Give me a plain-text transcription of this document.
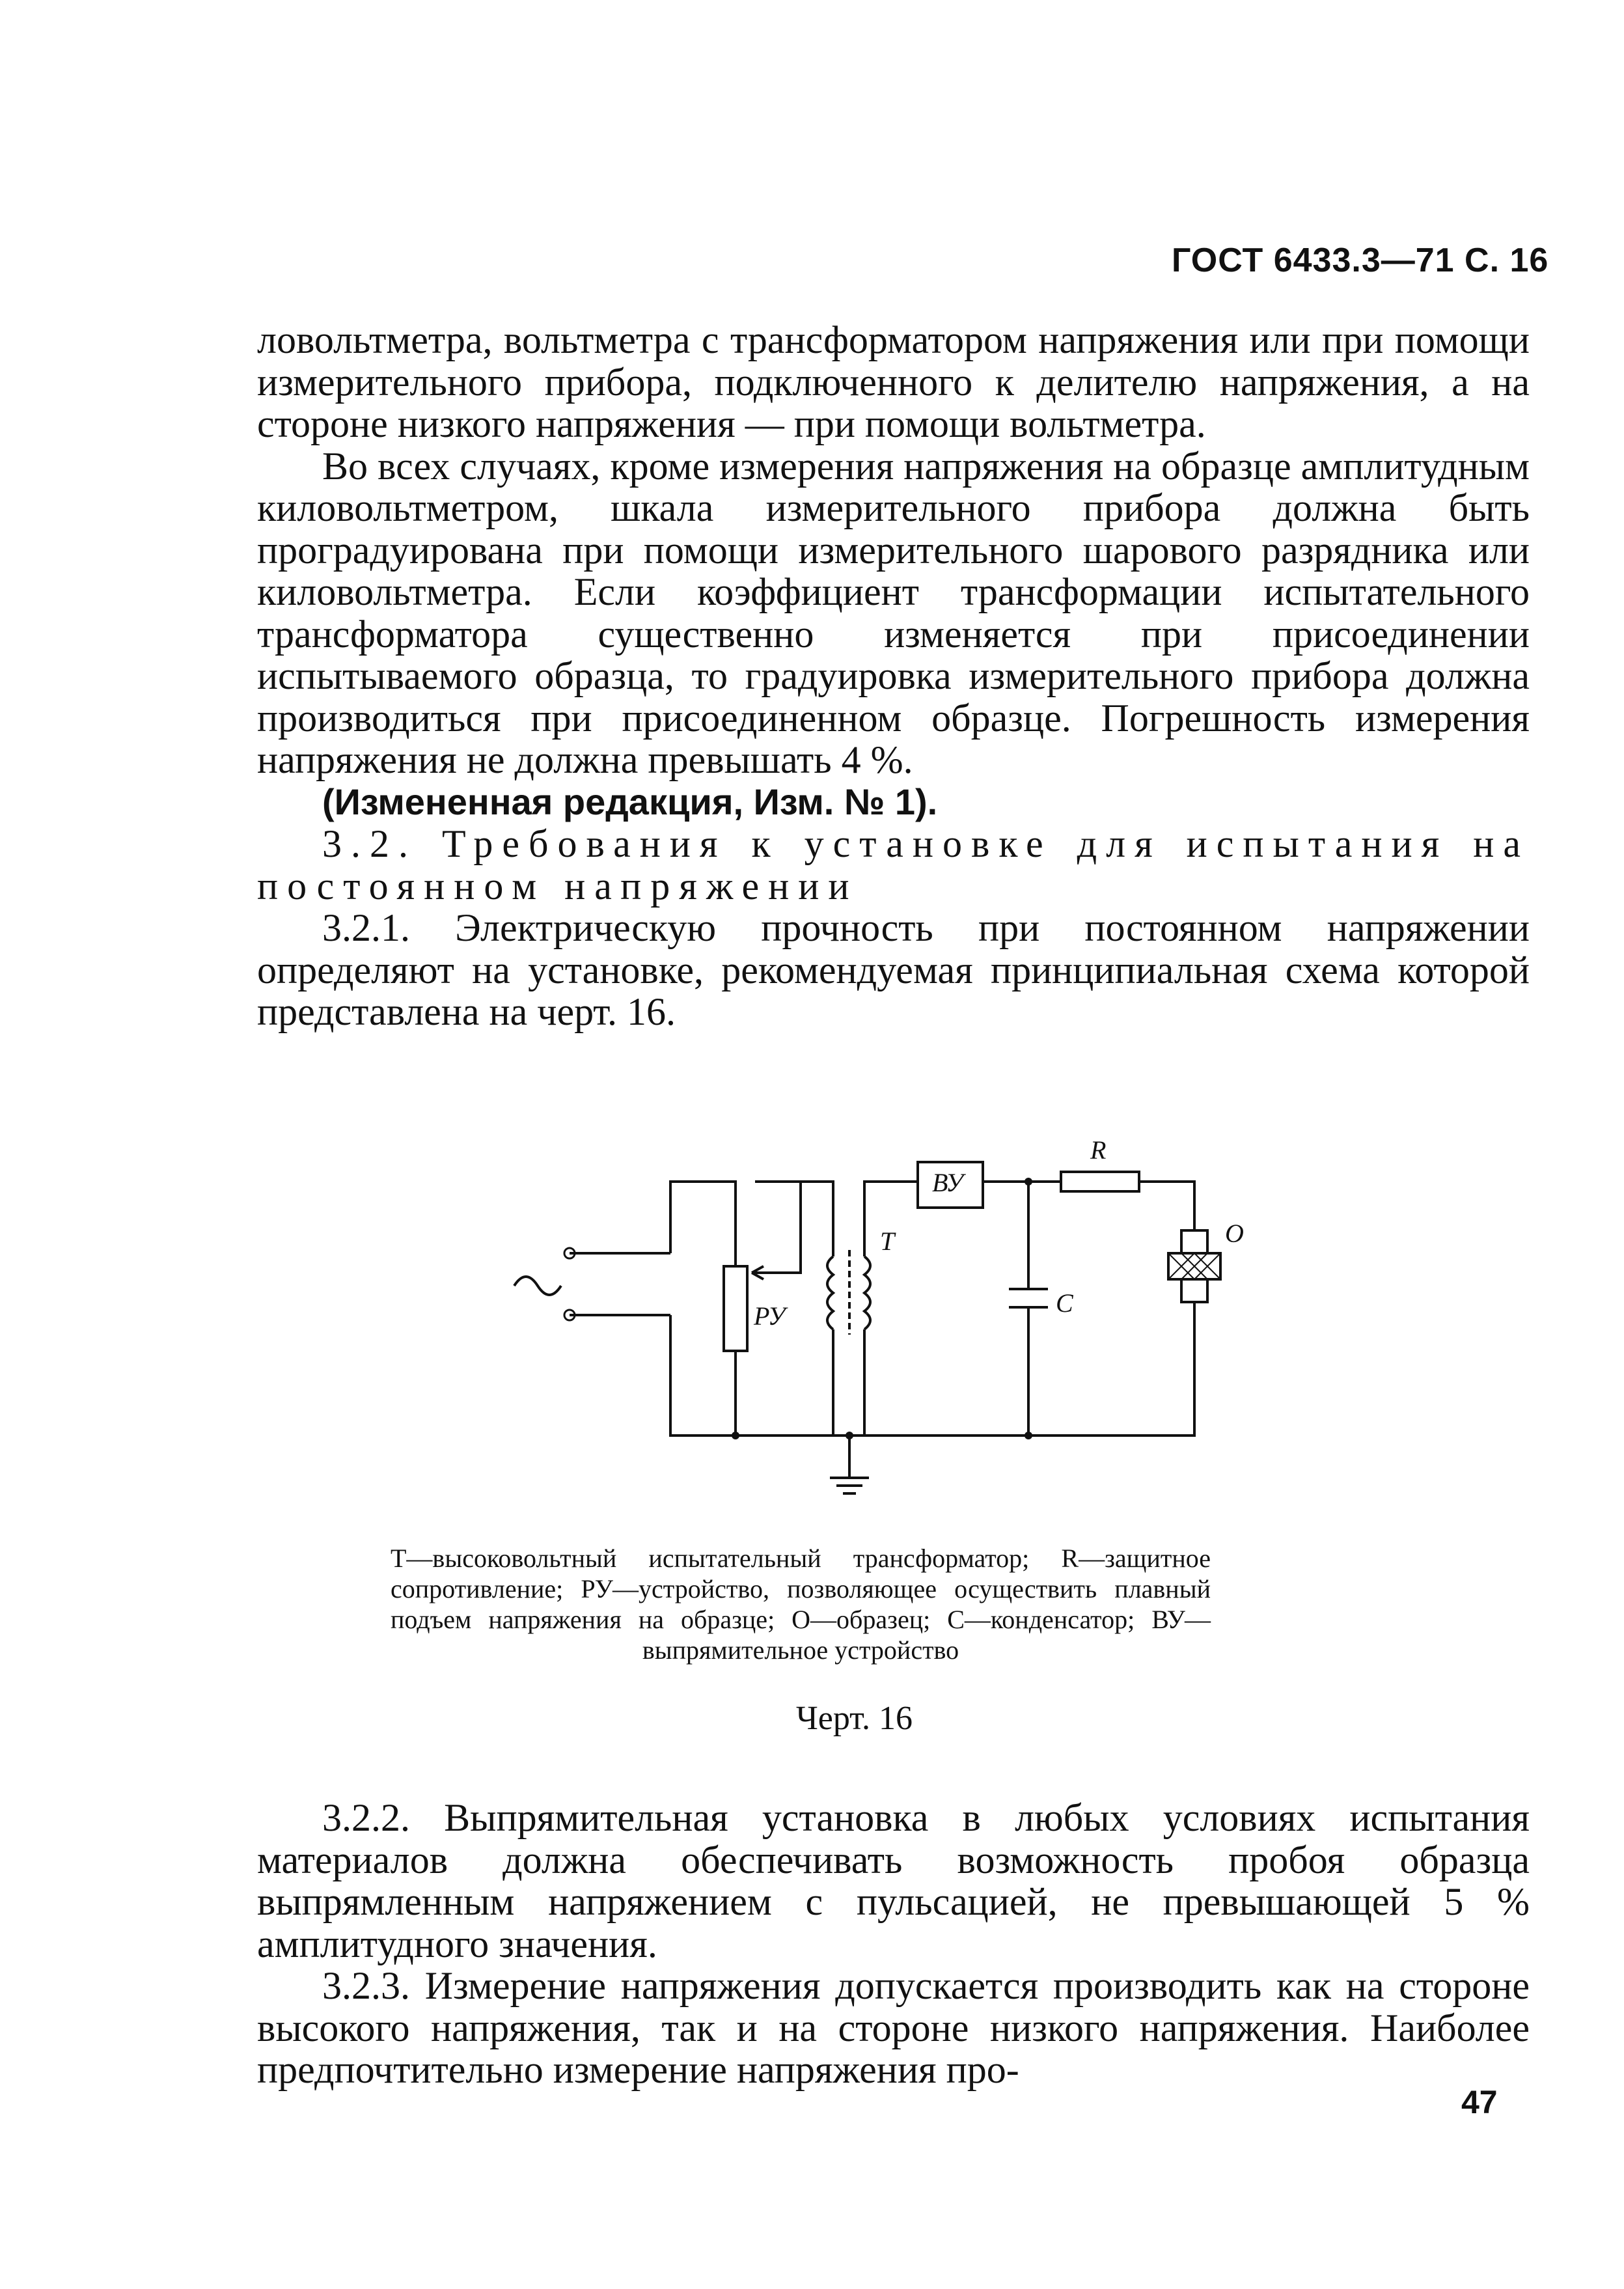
ГОСТ 6433.3—71 С. 16

ловольтметра, вольтметра с трансформатором напряжения или при помощи измерительного прибора, подключенного к делителю напряжения, а на стороне низкого напряжения — при помощи вольтметра.

Во всех случаях, кроме измерения напряжения на образце амплитудным киловольтметром, шкала измерительного прибора должна быть проградуирована при помощи измерительного шарового разрядника или киловольтметра. Если коэффициент трансформации испытательного трансформатора существенно изменяется при присоединении испытываемого образца, то градуировка измерительного прибора должна производиться при присоединенном образце. Погрешность измерения напряжения не должна превышать 4 %.

(Измененная редакция, Изм. № 1).

3.2. Требования к установке для испытания на постоянном напряжении

3.2.1. Электрическую прочность при постоянном напряжении определяют на установке, рекомендуемая принципиальная схема которой представлена на черт. 16.

R
ВУ
Т
С
О
РУ
Т—высоковольтный испытательный трансформатор; R—защитное сопротивление; РУ—устройство, позволяющее осуществить плавный подъем напряжения на образце; О—образец; С—конденсатор; ВУ—выпрямительное устройство
Черт. 16

3.2.2. Выпрямительная установка в любых условиях испытания материалов должна обеспечивать возможность пробоя образца выпрямленным напряжением с пульсацией, не превышающей 5 % амплитудного значения.

3.2.3. Измерение напряжения допускается производить как на стороне высокого напряжения, так и на стороне низкого напряжения. Наиболее предпочтительно измерение напряжения про-

47
